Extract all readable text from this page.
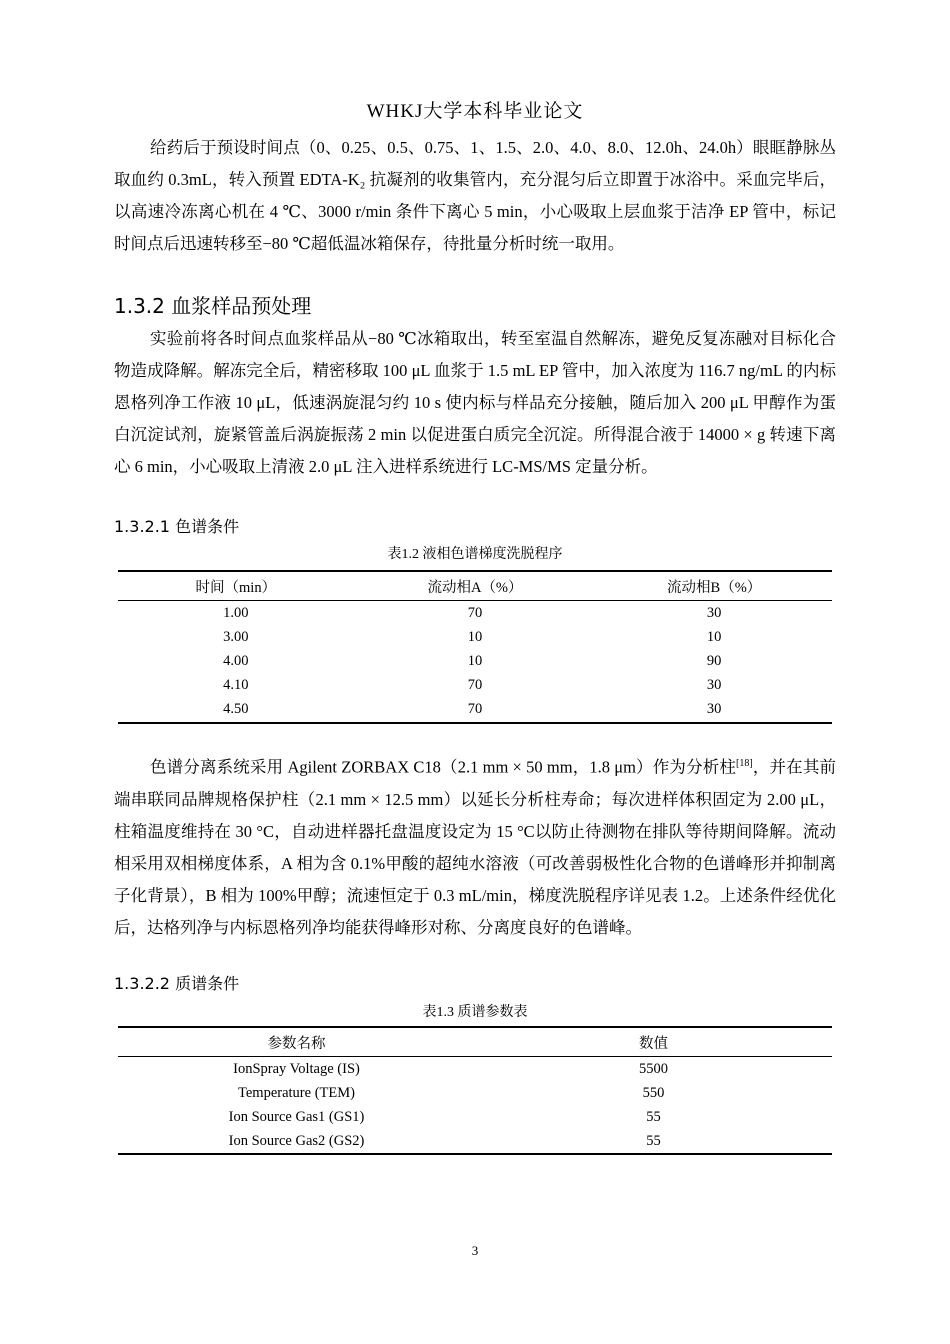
WHKJ大学本科毕业论文

给药后于预设时间点（0、0.25、0.5、0.75、1、1.5、2.0、4.0、8.0、12.0h、24.0h）眼眶静脉丛取血约 0.3mL，转入预置 EDTA-K₂ 抗凝剂的收集管内，充分混匀后立即置于冰浴中。采血完毕后，以高速冷冻离心机在 4 ℃、3000 r/min 条件下离心 5 min，小心吸取上层血浆于洁净 EP 管中，标记时间点后迅速转移至−80 ℃超低温冰箱保存，待批量分析时统一取用。

1.3.2 血浆样品预处理

实验前将各时间点血浆样品从−80 ℃冰箱取出，转至室温自然解冻，避免反复冻融对目标化合物造成降解。解冻完全后，精密移取 100 μL 血浆于 1.5 mL EP 管中，加入浓度为 116.7 ng/mL 的内标恩格列净工作液 10 μL，低速涡旋混匀约 10 s 使内标与样品充分接触，随后加入 200 μL 甲醇作为蛋白沉淀试剂，旋紧管盖后涡旋振荡 2 min 以促进蛋白质完全沉淀。所得混合液于 14000 × g 转速下离心 6 min，小心吸取上清液 2.0 μL 注入进样系统进行 LC-MS/MS 定量分析。

1.3.2.1 色谱条件
表1.2 液相色谱梯度洗脱程序
时间（min）	流动相A（%）	流动相B（%）
1.00	70	30
3.00	10	10
4.00	10	90
4.10	70	30
4.50	70	30

色谱分离系统采用 Agilent ZORBAX C18（2.1 mm × 50 mm，1.8 μm）作为分析柱[18]，并在其前端串联同品牌规格保护柱（2.1 mm × 12.5 mm）以延长分析柱寿命；每次进样体积固定为 2.00 μL，柱箱温度维持在 30 °C，自动进样器托盘温度设定为 15 °C以防止待测物在排队等待期间降解。流动相采用双相梯度体系，A 相为含 0.1%甲酸的超纯水溶液（可改善弱极性化合物的色谱峰形并抑制离子化背景），B 相为 100%甲醇；流速恒定于 0.3 mL/min，梯度洗脱程序详见表 1.2。上述条件经优化后，达格列净与内标恩格列净均能获得峰形对称、分离度良好的色谱峰。

1.3.2.2 质谱条件
表1.3 质谱参数表
参数名称	数值
IonSpray Voltage (IS)	5500
Temperature (TEM)	550
Ion Source Gas1 (GS1)	55
Ion Source Gas2 (GS2)	55
3
